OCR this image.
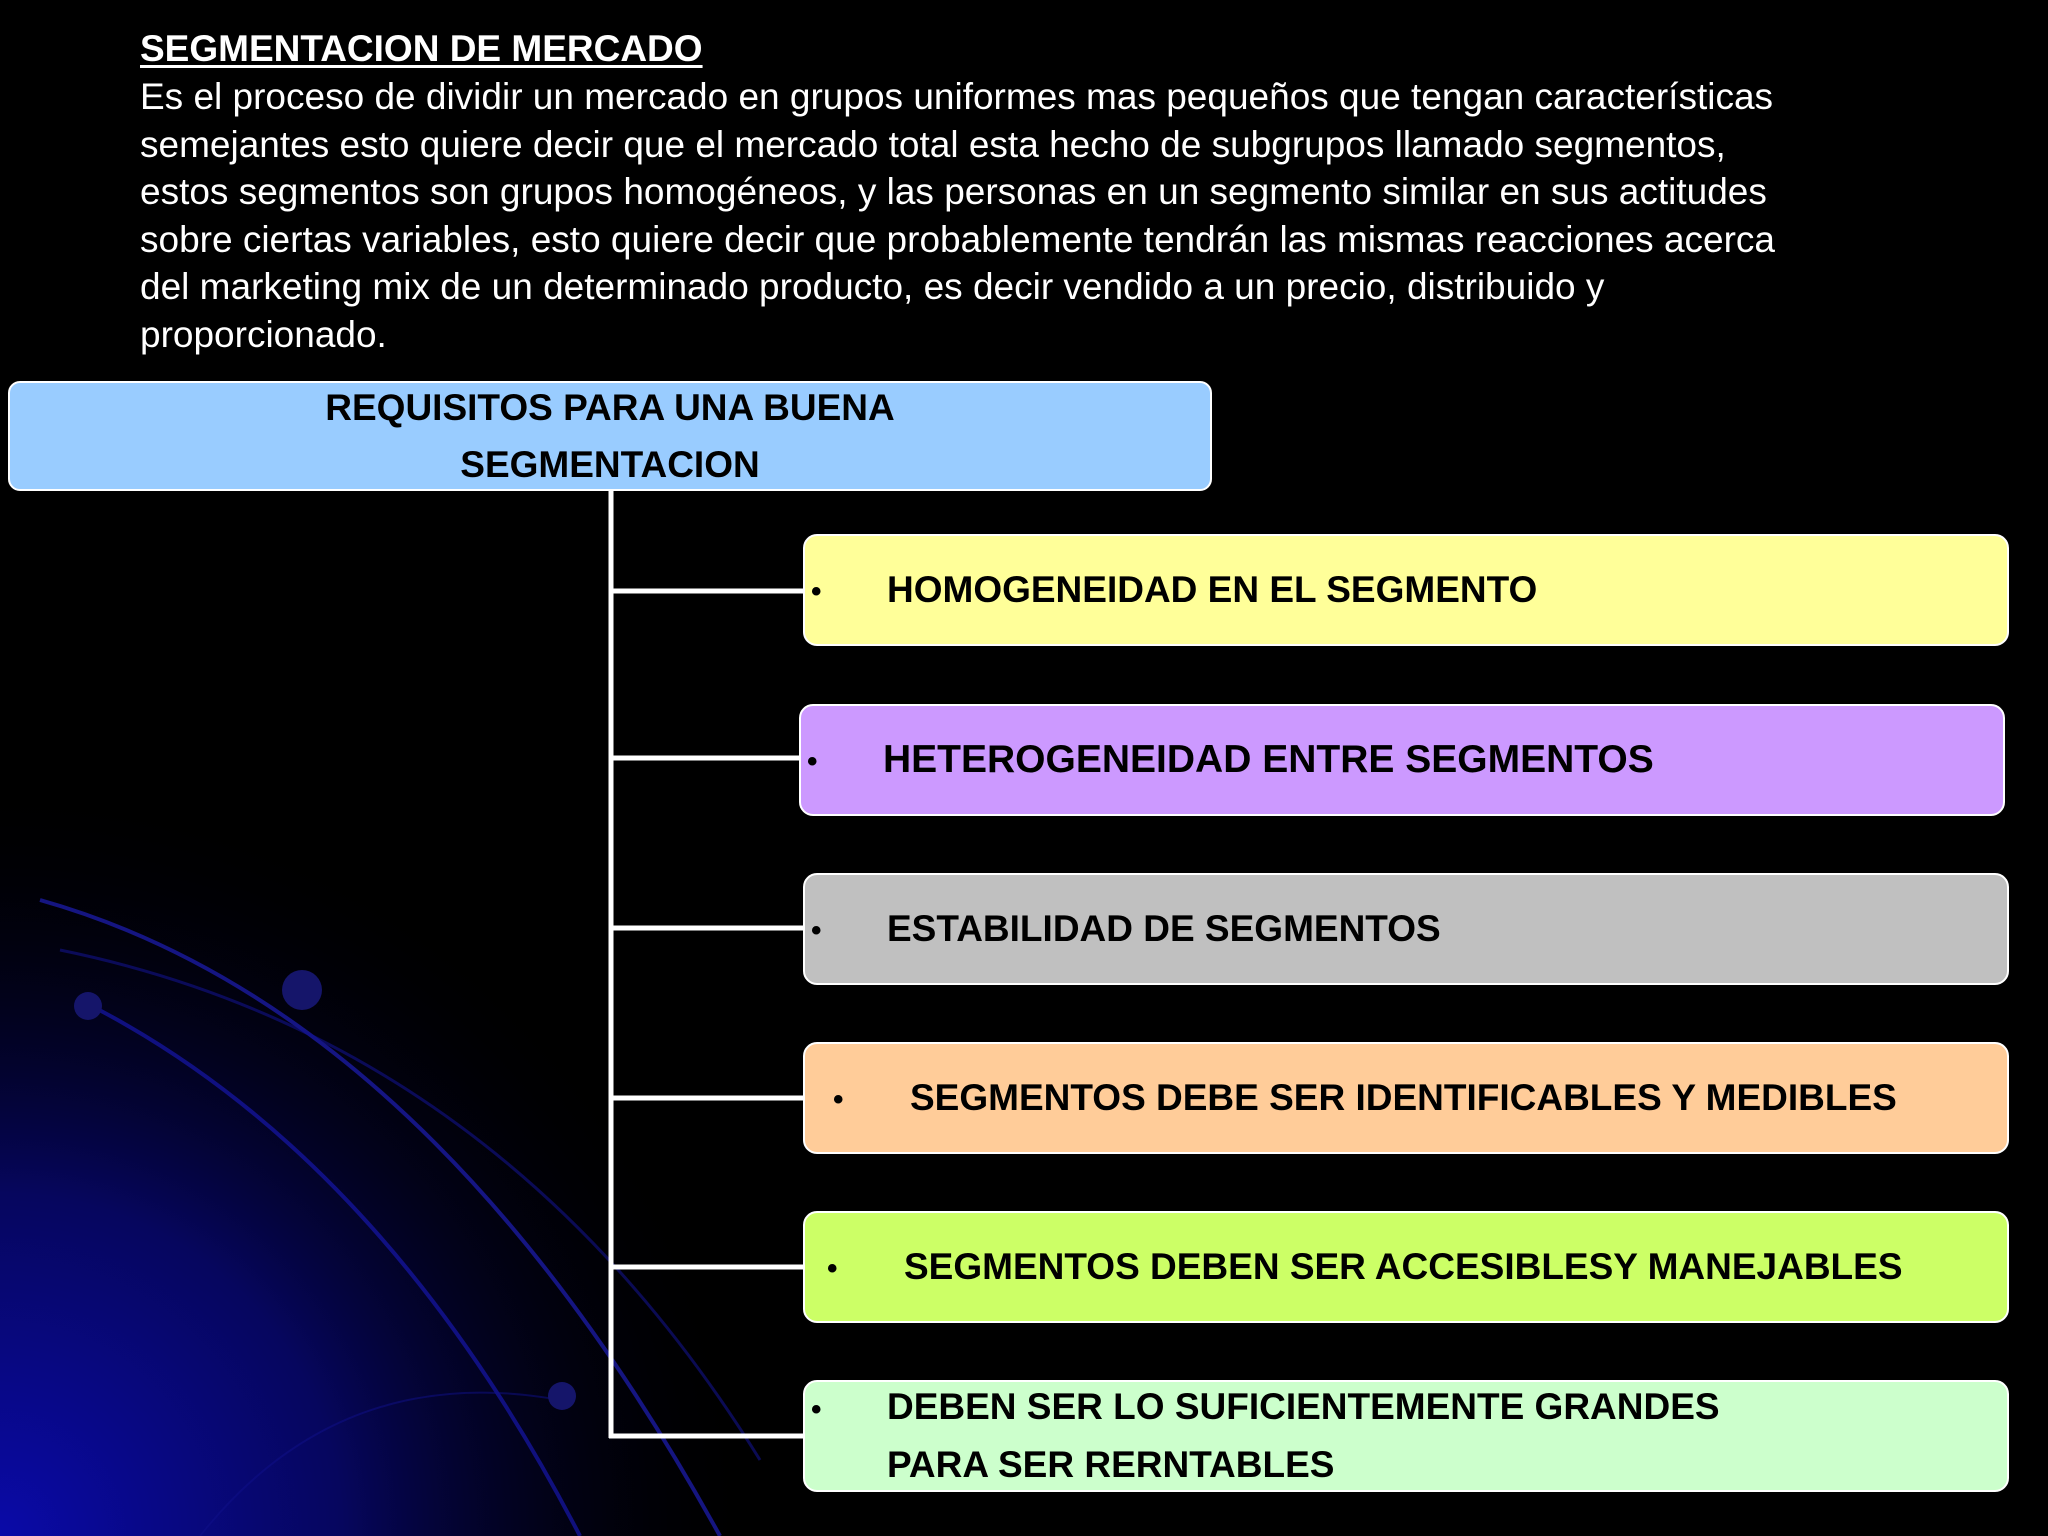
SEGMENTACION DE MERCADO

Es el proceso de dividir un mercado en grupos uniformes mas pequeños que tengan características
semejantes esto quiere decir que el mercado total esta hecho de subgrupos llamado segmentos,
estos segmentos son grupos homogéneos, y las personas en un segmento similar en sus actitudes
sobre ciertas variables, esto quiere decir que probablemente tendrán las mismas reacciones acerca
del marketing mix de un determinado producto, es decir vendido a un precio, distribuido y
proporcionado.

REQUISITOS PARA UNA BUENA
SEGMENTACION
• HOMOGENEIDAD EN EL SEGMENTO
• HETEROGENEIDAD ENTRE SEGMENTOS
• ESTABILIDAD DE SEGMENTOS
• SEGMENTOS DEBE SER IDENTIFICABLES Y MEDIBLES
• SEGMENTOS DEBEN SER ACCESIBLESY MANEJABLES
• DEBEN SER LO SUFICIENTEMENTE GRANDES
PARA SER RERNTABLES
